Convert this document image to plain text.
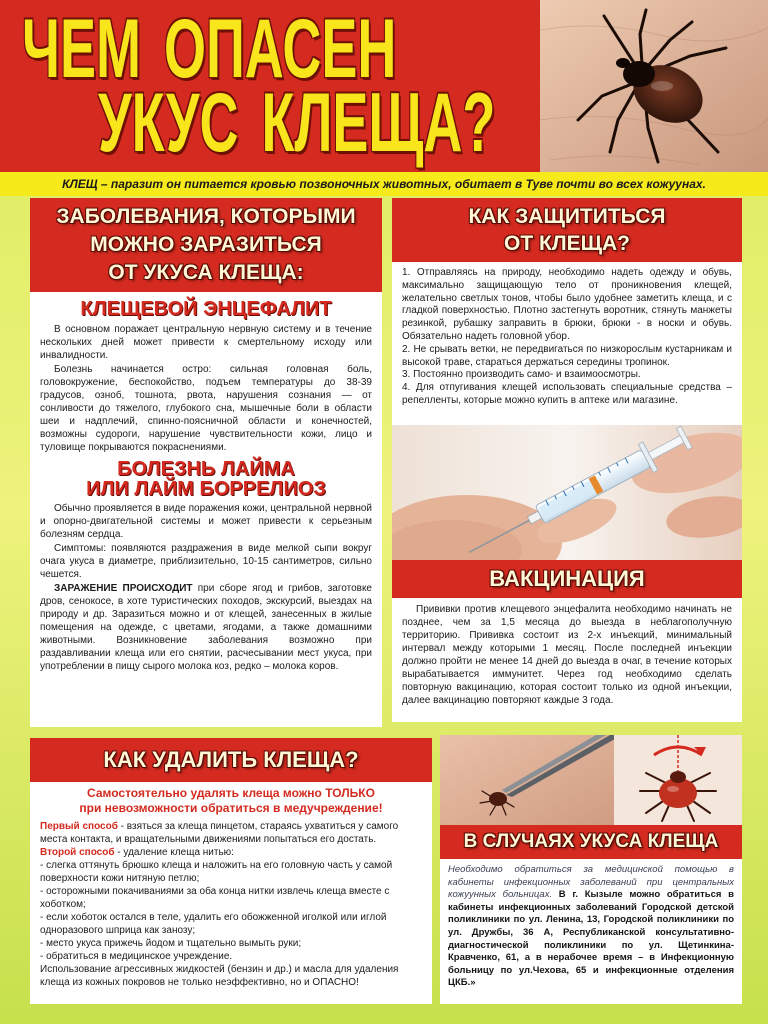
ЧЕМ ОПАСЕН
УКУС КЛЕЩА?
КЛЕЩ – паразит он питается кровью позвоночных животных, обитает в Туве почти во всех кожуунах.
ЗАБОЛЕВАНИЯ, КОТОРЫМИ
МОЖНО ЗАРАЗИТЬСЯ
ОТ УКУСА КЛЕЩА:
КЛЕЩЕВОЙ ЭНЦЕФАЛИТ

В основном поражает центральную нервную систему и в течение нескольких дней может привести к смертельному исходу или инвалидности.

Болезнь начинается остро: сильная головная боль, головокружение, беспокойство, подъем температуры до 38-39 градусов, озноб, тошнота, рвота, нарушения сознания — от сонливости до тяжелого, глубокого сна, мышечные боли в области шеи и надплечий, спинно-поясничной области и конечностей, возможны судороги, нарушение чувствительности кожи, лицо и туловище покрываются покраснениями.

БОЛЕЗНЬ ЛАЙМА
ИЛИ ЛАЙМ БОРРЕЛИОЗ

Обычно проявляется в виде поражения кожи, центральной нервной и опорно-двигательной системы и может привести к серьезным болезням сердца.

Симптомы: появляются раздражения в виде мелкой сыпи вокруг очага укуса в диаметре, приблизительно, 10-15 сантиметров, сильно чешется.

ЗАРАЖЕНИЕ ПРОИСХОДИТ при сборе ягод и грибов, заготовке дров, сенокосе, в хоте туристических походов, экскурсий, выездах на природу и др. Заразиться можно и от клещей, занесенных в жилые помещения на одежде, с цветами, ягодами, а также домашними животными. Возникновение заболевания возможно при раздавливании клеща или его снятии, расчесывании мест укуса, при употреблении в пищу сырого молока коз, редко – молока коров.

КАК ЗАЩИТИТЬСЯ
ОТ КЛЕЩА?

1. Отправляясь на природу, необходимо надеть одежду и обувь, максимально защищающую тело от проникновения клещей, желательно светлых тонов, чтобы было удобнее заметить клеща, и с гладкой поверхностью. Плотно застегнуть воротник, стянуть манжеты резинкой, рубашку заправить в брюки, брюки - в носки и обувь. Обязательно надеть головной убор.

2. Не срывать ветки, не передвигаться по низкорослым кустарникам и высокой траве, стараться держаться середины тропинок.

3. Постоянно производить само- и взаимоосмотры.

4. Для отпугивания клещей использовать специальные средства – репелленты, которые можно купить в аптеке или магазине.

ВАКЦИНАЦИЯ

Прививки против клещевого энцефалита необходимо начинать не позднее, чем за 1,5 месяца до выезда в неблагополучную территорию. Прививка состоит из 2-х инъекций, минимальный интервал между которыми 1 месяц. После последней инъекции должно пройти не менее 14 дней до выезда в очаг, в течение которых вырабатывается иммунитет. Через год необходимо сделать повторную вакцинацию, которая состоит только из одной инъекции, далее вакцинацию повторяют каждые 3 года.

КАК УДАЛИТЬ КЛЕЩА?
Самостоятельно удалять клеща можно ТОЛЬКО
при невозможности обратиться в медучреждение!

Первый способ - взяться за клеща пинцетом, стараясь ухватиться у самого места контакта, и вращательными движениями попытаться его достать.

Второй способ - удаление клеща нитью:

- слегка оттянуть брюшко клеща и наложить на его головную часть у самой поверхности кожи нитяную петлю;

- осторожными покачиваниями за оба конца нитки извлечь клеща вместе с хоботком;

- если хоботок остался в теле, удалить его обожженной иголкой или иглой одноразового шприца как занозу;

- место укуса прижечь йодом и тщательно вымыть руки;

- обратиться в медицинское учреждение.

Использование агрессивных жидкостей (бензин и др.) и масла для удаления клеща из кожных покровов не только неэффективно, но и ОПАСНО!

В СЛУЧАЯХ УКУСА КЛЕЩА
Необходимо обратиться за медицинской помощью в кабинеты инфекционных заболеваний при центральных кожуунных больницах. В г. Кызыле можно обратиться в кабинеты инфекционных заболеваний Городской детской поликлиники по ул. Ленина, 13, Городской поликлиники по ул. Дружбы, 36 А, Республиканской консультативно-диагностической поликлиники по ул. Щетинкина-Кравченко, 61, а в нерабочее время – в Инфекционную больницу по ул.Чехова, 65 и инфекционные отделения ЦКБ.»
